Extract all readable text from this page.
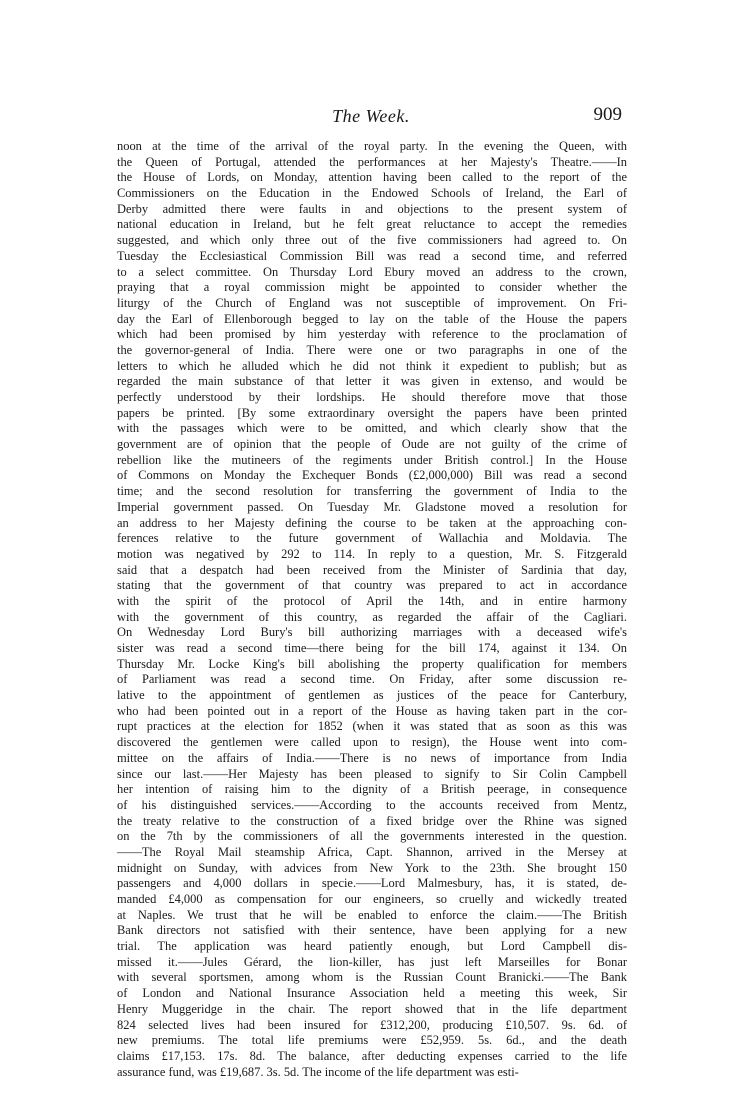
The Week.	909
noon at the time of the arrival of the royal party. In the evening the Queen, with
the Queen of Portugal, attended the performances at her Majesty's Theatre.——In
the House of Lords, on Monday, attention having been called to the report of the
Commissioners on the Education in the Endowed Schools of Ireland, the Earl of
Derby admitted there were faults in and objections to the present system of
national education in Ireland, but he felt great reluctance to accept the remedies
suggested, and which only three out of the five commissioners had agreed to. On
Tuesday the Ecclesiastical Commission Bill was read a second time, and referred
to a select committee. On Thursday Lord Ebury moved an address to the crown,
praying that a royal commission might be appointed to consider whether the
liturgy of the Church of England was not susceptible of improvement. On Fri-
day the Earl of Ellenborough begged to lay on the table of the House the papers
which had been promised by him yesterday with reference to the proclamation of
the governor-general of India. There were one or two paragraphs in one of the
letters to which he alluded which he did not think it expedient to publish; but as
regarded the main substance of that letter it was given in extenso, and would be
perfectly understood by their lordships. He should therefore move that those
papers be printed. [By some extraordinary oversight the papers have been printed
with the passages which were to be omitted, and which clearly show that the
government are of opinion that the people of Oude are not guilty of the crime of
rebellion like the mutineers of the regiments under British control.] In the House
of Commons on Monday the Exchequer Bonds (£2,000,000) Bill was read a second
time; and the second resolution for transferring the government of India to the
Imperial government passed. On Tuesday Mr. Gladstone moved a resolution for
an address to her Majesty defining the course to be taken at the approaching con-
ferences relative to the future government of Wallachia and Moldavia. The
motion was negatived by 292 to 114. In reply to a question, Mr. S. Fitzgerald
said that a despatch had been received from the Minister of Sardinia that day,
stating that the government of that country was prepared to act in accordance
with the spirit of the protocol of April the 14th, and in entire harmony
with the government of this country, as regarded the affair of the Cagliari.
On Wednesday Lord Bury's bill authorizing marriages with a deceased wife's
sister was read a second time—there being for the bill 174, against it 134. On
Thursday Mr. Locke King's bill abolishing the property qualification for members
of Parliament was read a second time. On Friday, after some discussion re-
lative to the appointment of gentlemen as justices of the peace for Canterbury,
who had been pointed out in a report of the House as having taken part in the cor-
rupt practices at the election for 1852 (when it was stated that as soon as this was
discovered the gentlemen were called upon to resign), the House went into com-
mittee on the affairs of India.——There is no news of importance from India
since our last.——Her Majesty has been pleased to signify to Sir Colin Campbell
her intention of raising him to the dignity of a British peerage, in consequence
of his distinguished services.——According to the accounts received from Mentz,
the treaty relative to the construction of a fixed bridge over the Rhine was signed
on the 7th by the commissioners of all the governments interested in the question.
——The Royal Mail steamship Africa, Capt. Shannon, arrived in the Mersey at
midnight on Sunday, with advices from New York to the 23th. She brought 150
passengers and 4,000 dollars in specie.——Lord Malmesbury, has, it is stated, de-
manded £4,000 as compensation for our engineers, so cruelly and wickedly treated
at Naples. We trust that he will be enabled to enforce the claim.——The British
Bank directors not satisfied with their sentence, have been applying for a new
trial. The application was heard patiently enough, but Lord Campbell dis-
missed it.——Jules Gérard, the lion-killer, has just left Marseilles for Bonar
with several sportsmen, among whom is the Russian Count Branicki.——The Bank
of London and National Insurance Association held a meeting this week, Sir
Henry Muggeridge in the chair. The report showed that in the life department
824 selected lives had been insured for £312,200, producing £10,507. 9s. 6d. of
new premiums. The total life premiums were £52,959. 5s. 6d., and the death
claims £17,153. 17s. 8d. The balance, after deducting expenses carried to the life
assurance fund, was £19,687. 3s. 5d. The income of the life department was esti-
